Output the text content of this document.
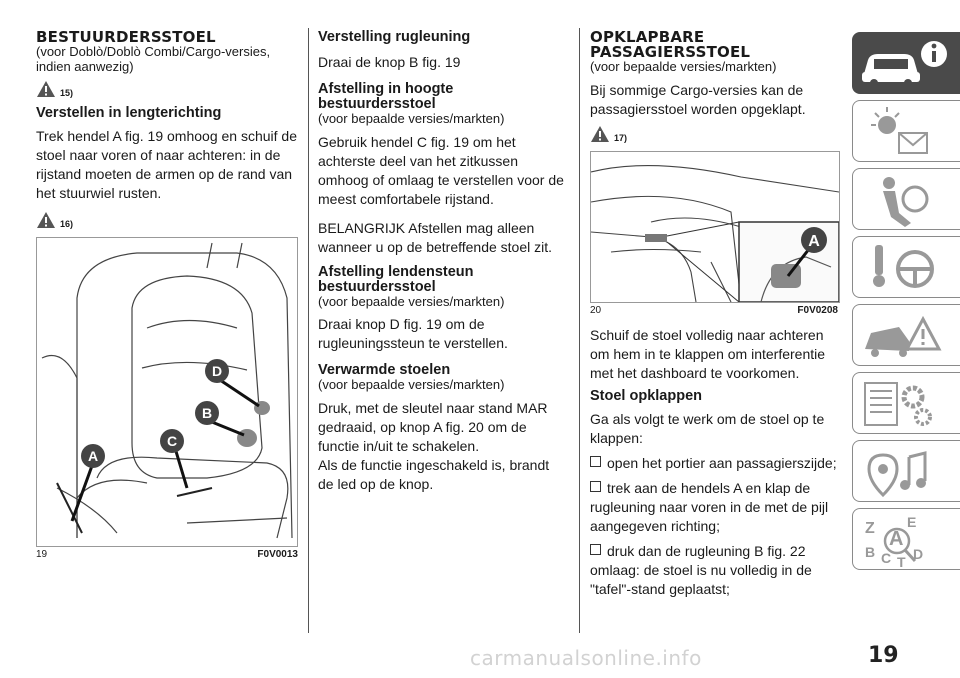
BESTUURDERSSTOEL

(voor Doblò/Doblò Combi/Cargo-versies, indien aanwezig)

15)

Verstellen in lengterichting

Trek hendel A fig. 19 omhoog en schuif de stoel naar voren of naar achteren: in de rijstand moeten de armen op de rand van het stuurwiel rusten.

16)
D
B
C
A
19	F0V0013

Verstelling rugleuning

Draai de knop B fig. 19

Afstelling in hoogte bestuurdersstoel

(voor bepaalde versies/markten)

Gebruik hendel C fig. 19 om het achterste deel van het zitkussen omhoog of omlaag te verstellen voor de meest comfortabele rijstand.

BELANGRIJK Afstellen mag alleen wanneer u op de betreffende stoel zit.

Afstelling lendensteun bestuurdersstoel

(voor bepaalde versies/markten)

Draai knop D fig. 19 om de rugleuningssteun te verstellen.

Verwarmde stoelen

(voor bepaalde versies/markten)

Druk, met de sleutel naar stand MAR gedraaid, op knop A fig. 20 om de functie in/uit te schakelen.

Als de functie ingeschakeld is, brandt de led op de knop.

OPKLAPBARE PASSAGIERSSTOEL

(voor bepaalde versies/markten)

Bij sommige Cargo-versies kan de passagiersstoel worden opgeklapt.

17)
A
20	F0V0208

Schuif de stoel volledig naar achteren om hem in te klappen om interferentie met het dashboard te voorkomen.

Stoel opklappen

Ga als volgt te werk om de stoel op te klappen:

open het portier aan passagierszijde;

trek aan de hendels A en klap de rugleuning naar voren in de met de pijl aangegeven richting;

druk dan de rugleuning B fig. 22 omlaag: de stoel is nu volledig in de "tafel"-stand geplaatst;

Z E
A
B C T D
19
carmanualsonline.info
